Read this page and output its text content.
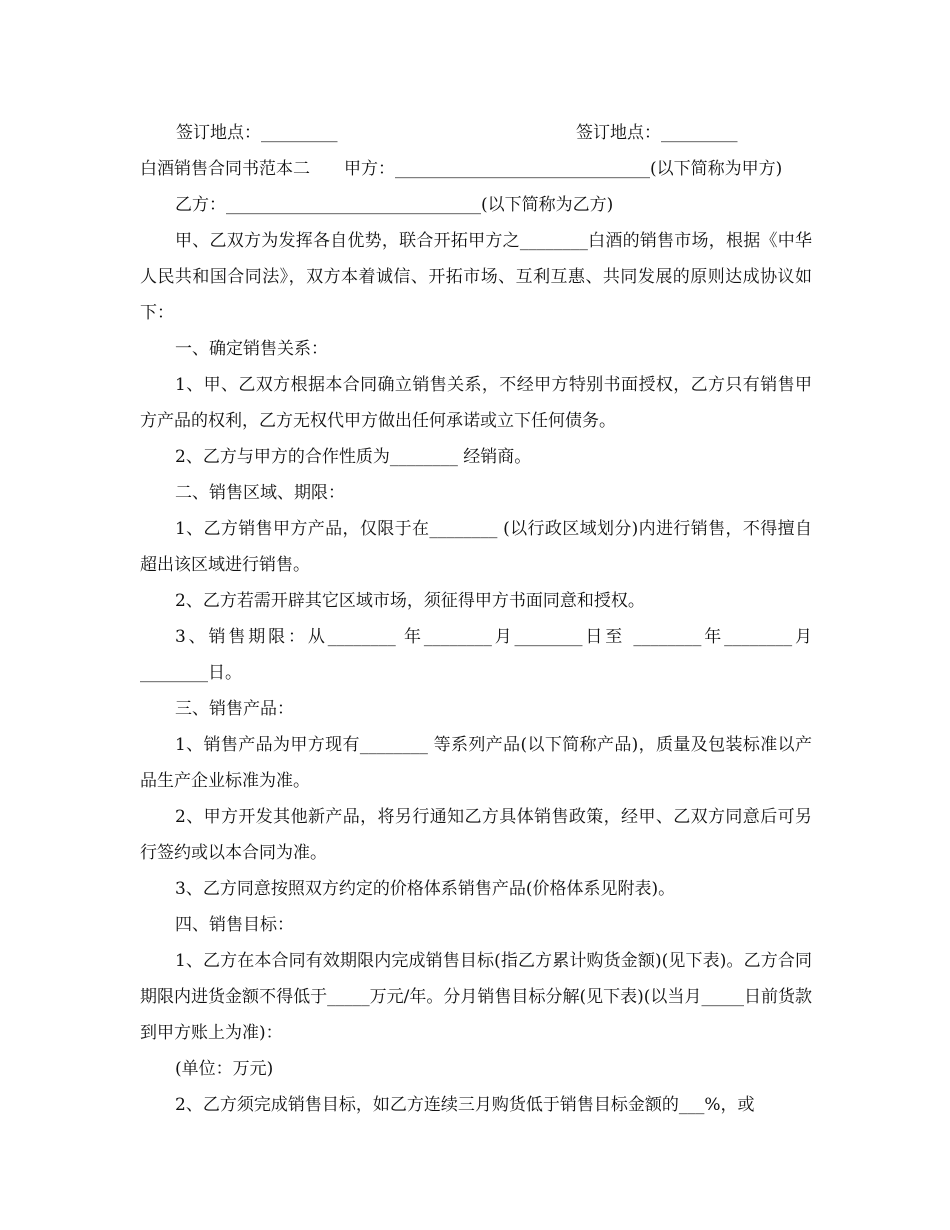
签订地点：_________	签订地点：_________

白酒销售合同书范本二　　甲方：______________________________(以下简称为甲方)

乙方：______________________________(以下简称为乙方)

甲、乙双方为发挥各自优势，联合开拓甲方之________白酒的销售市场，根据《中华人民共和国合同法》，双方本着诚信、开拓市场、互利互惠、共同发展的原则达成协议如下：

一、确定销售关系：

1、甲、乙双方根据本合同确立销售关系，不经甲方特别书面授权，乙方只有销售甲方产品的权利，乙方无权代甲方做出任何承诺或立下任何债务。

2、乙方与甲方的合作性质为________ 经销商。

二、销售区域、期限：

1、乙方销售甲方产品，仅限于在________ (以行政区域划分)内进行销售，不得擅自超出该区域进行销售。

2、乙方若需开辟其它区域市场，须征得甲方书面同意和授权。

3、销售期限：从________ 年________月________日至 ________年________月________日。

三、销售产品：

1、销售产品为甲方现有________ 等系列产品(以下简称产品)，质量及包装标准以产品生产企业标准为准。

2、甲方开发其他新产品，将另行通知乙方具体销售政策，经甲、乙双方同意后可另行签约或以本合同为准。

3、乙方同意按照双方约定的价格体系销售产品(价格体系见附表)。

四、销售目标：

1、乙方在本合同有效期限内完成销售目标(指乙方累计购货金额)(见下表)。乙方合同期限内进货金额不得低于_____万元/年。分月销售目标分解(见下表)(以当月_____日前货款到甲方账上为准)：

(单位：万元)

2、乙方须完成销售目标，如乙方连续三月购货低于销售目标金额的___%，或
